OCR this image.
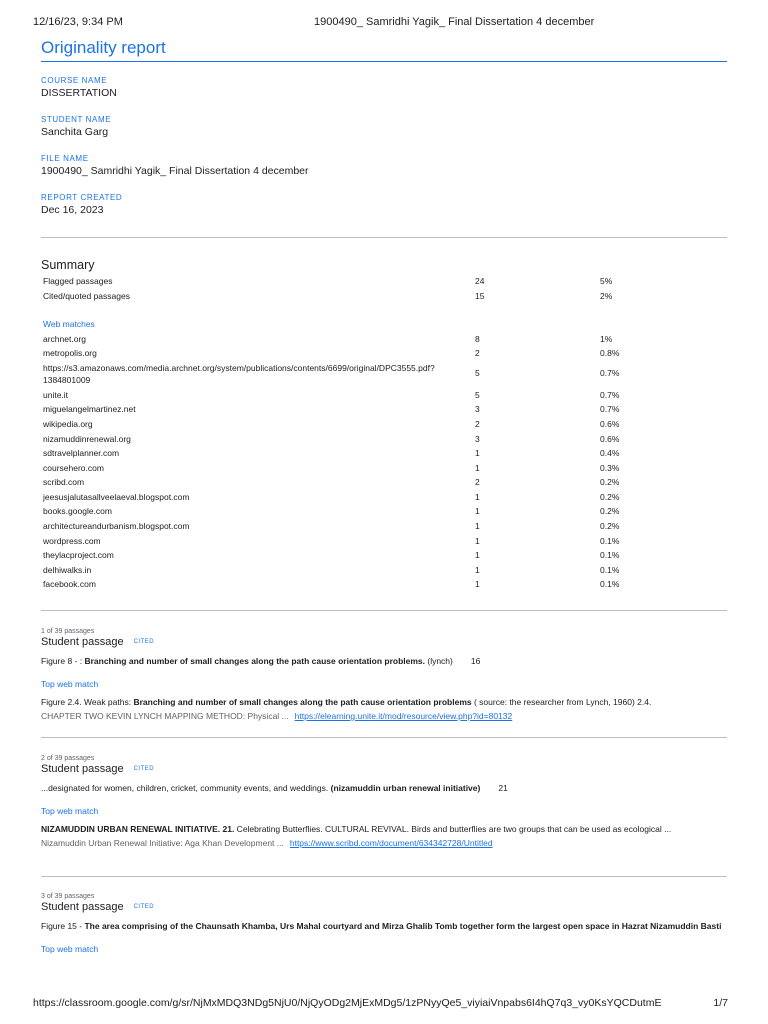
12/16/23, 9:34 PM	1900490_ Samridhi Yagik_ Final Dissertation 4 december
Originality report
COURSE NAME
DISSERTATION
STUDENT NAME
Sanchita Garg
FILE NAME
1900490_ Samridhi Yagik_ Final Dissertation 4 december
REPORT CREATED
Dec 16, 2023
Summary
Flagged passages	24	5%
Cited/quoted passages	15	2%
Web matches
archnet.org	8	1%
metropolis.org	2	0.8%
https://s3.amazonaws.com/media.archnet.org/system/publications/contents/6699/original/DPC3555.pdf?
1384801009
5	0.7%
unite.it	5	0.7%
miguelangelmartinez.net	3	0.7%
wikipedia.org	2	0.6%
nizamuddinrenewal.org	3	0.6%
sdtravelplanner.com	1	0.4%
coursehero.com	1	0.3%
scribd.com	2	0.2%
jeesusjalutasallveelaeval.blogspot.com	1	0.2%
books.google.com	1	0.2%
architectureandurbanism.blogspot.com	1	0.2%
wordpress.com	1	0.1%
theylacproject.com	1	0.1%
delhiwalks.in	1	0.1%
facebook.com	1	0.1%
1 of 39 passages
Student passage CITED
Figure 8 - : Branching and number of small changes along the path cause orientation problems. (lynch) 16
Top web match
Figure 2.4. Weak paths: Branching and number of small changes along the path cause orientation problems ( source: the researcher from Lynch, 1960) 2.4.
CHAPTER TWO KEVIN LYNCH MAPPING METHOD: Physical ... https://elearning.unite.it/mod/resource/view.php?id=80132
2 of 39 passages
Student passage CITED
...designated for women, children, cricket, community events, and weddings. (nizamuddin urban renewal initiative) 21
Top web match
NIZAMUDDIN URBAN RENEWAL INITIATIVE. 21. Celebrating Butterflies. CULTURAL REVIVAL. Birds and butterflies are two groups that can be used as ecological ...
Nizamuddin Urban Renewal Initiative: Aga Khan Development ... https://www.scribd.com/document/634342728/Untitled
3 of 39 passages
Student passage CITED
Figure 15 - The area comprising of the Chaunsath Khamba, Urs Mahal courtyard and Mirza Ghalib Tomb together form the largest open space in Hazrat Nizamuddin Basti
Top web match
https://classroom.google.com/g/sr/NjMxMDQ3NDg5NjU0/NjQyODg2MjExMDg5/1zPNyyQe5_viyiaiVnpabs6I4hQ7q3_vy0KsYQCDutmE	1/7
